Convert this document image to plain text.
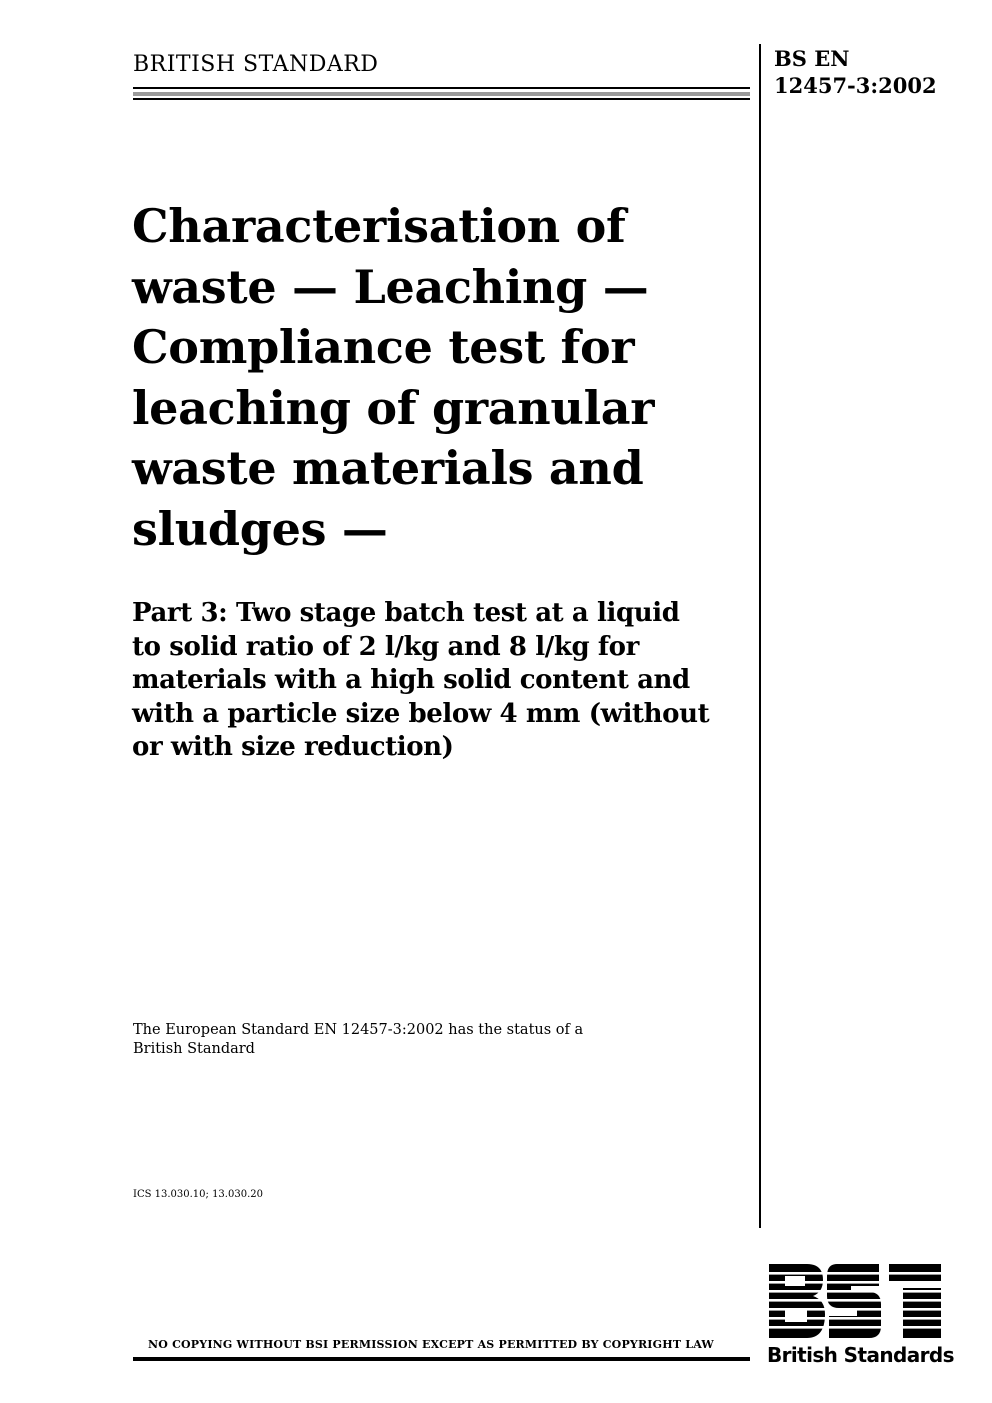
BRITISH STANDARD	BS EN
12457-3:2002
Characterisation of
waste — Leaching —
Compliance test for
leaching of granular
waste materials and
sludges —
Part 3: Two stage batch test at a liquid
to solid ratio of 2 l/kg and 8 l/kg for
materials with a high solid content and
with a particle size below 4 mm (without
or with size reduction)
The European Standard EN 12457-3:2002 has the status of a
British Standard
ICS 13.030.10; 13.030.20
NO COPYING WITHOUT BSI PERMISSION EXCEPT AS PERMITTED BY COPYRIGHT LAW	British Standards
